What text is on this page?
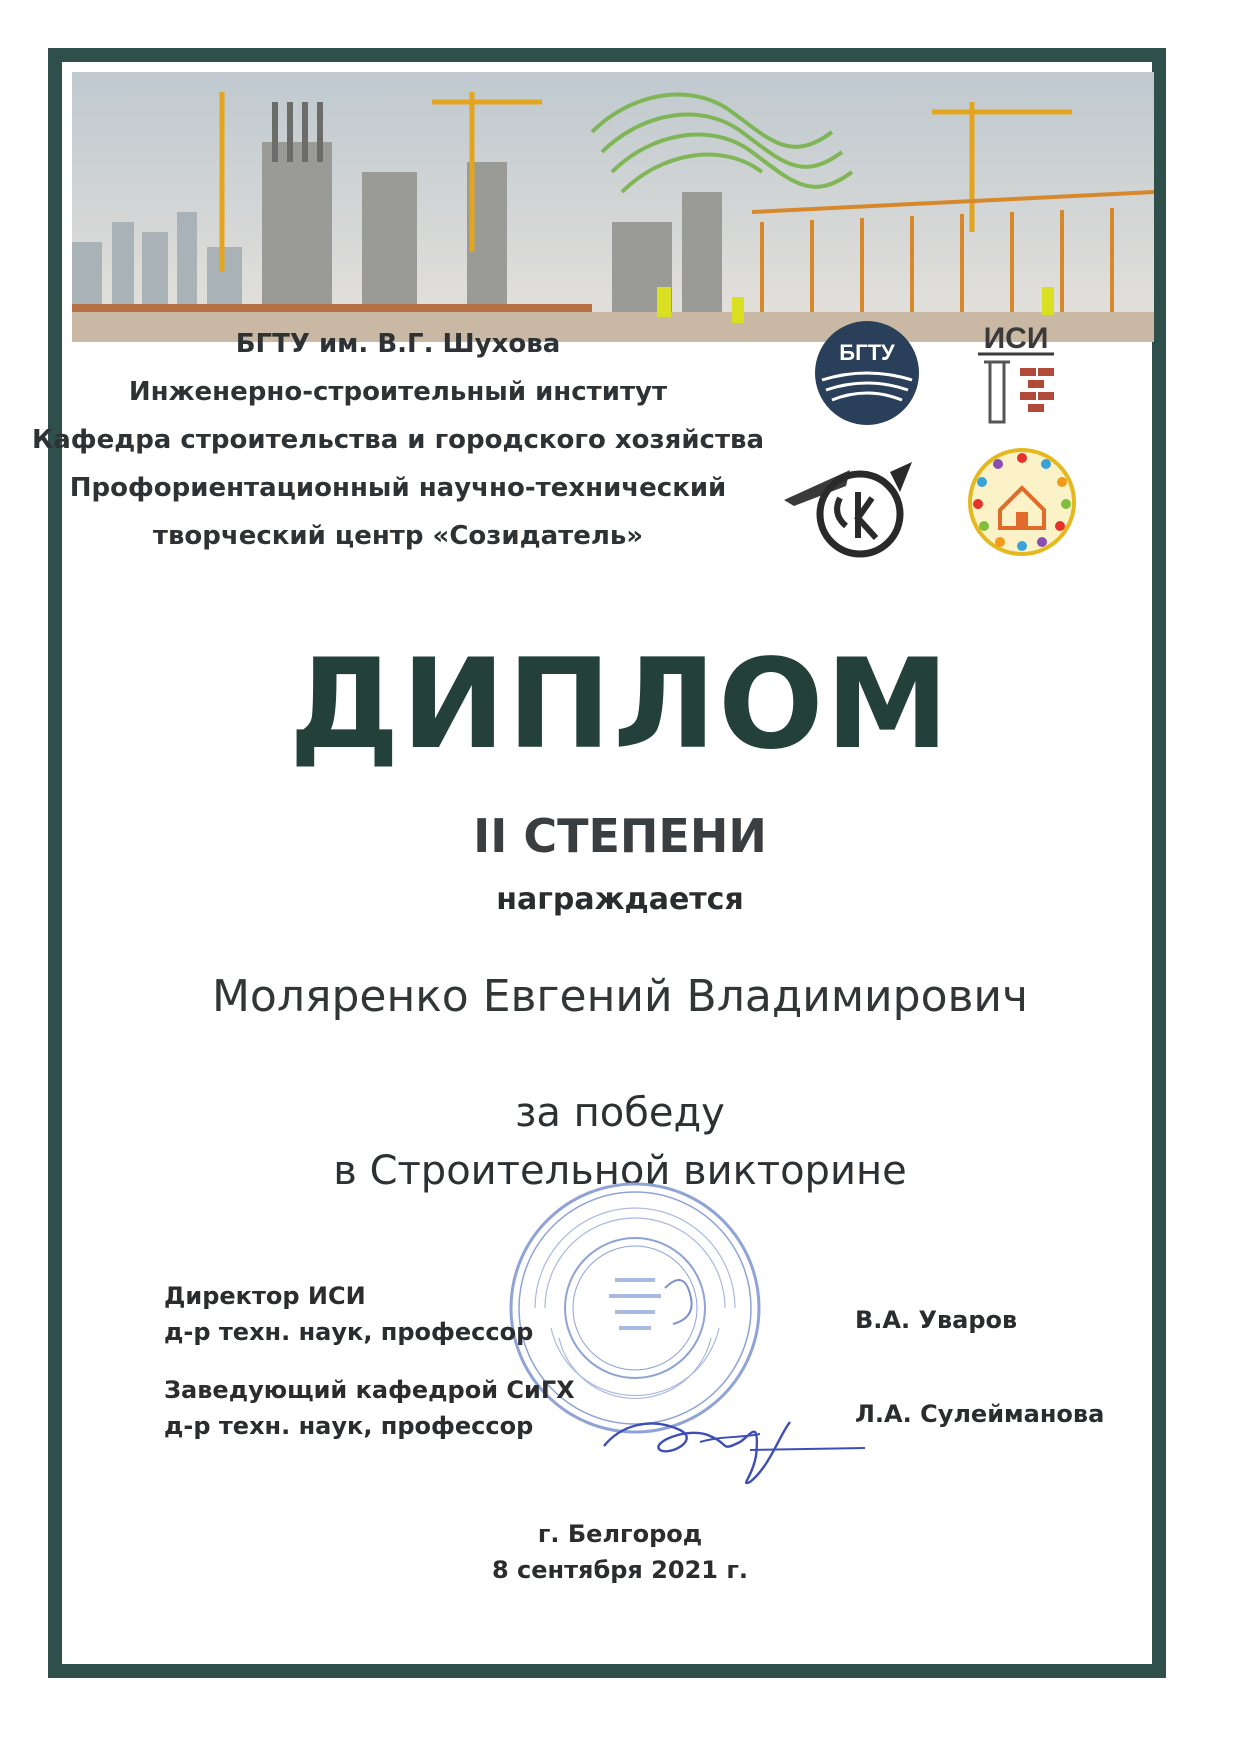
БГТУ им. В.Г. Шухова
Инженерно-строительный институт
Кафедра строительства и городского хозяйства
Профориентационный научно-технический
творческий центр «Созидатель»
БГТУ	ИСИ
ДИПЛОМ
II СТЕПЕНИ
награждается
Моляренко Евгений Владимирович
за победу
в Строительной викторине
Директор ИСИ
д-р техн. наук, профессор	В.А. Уваров
Заведующий кафедрой СиГХ
д-р техн. наук, профессор	Л.А. Сулейманова
г. Белгород
8 сентября 2021 г.
